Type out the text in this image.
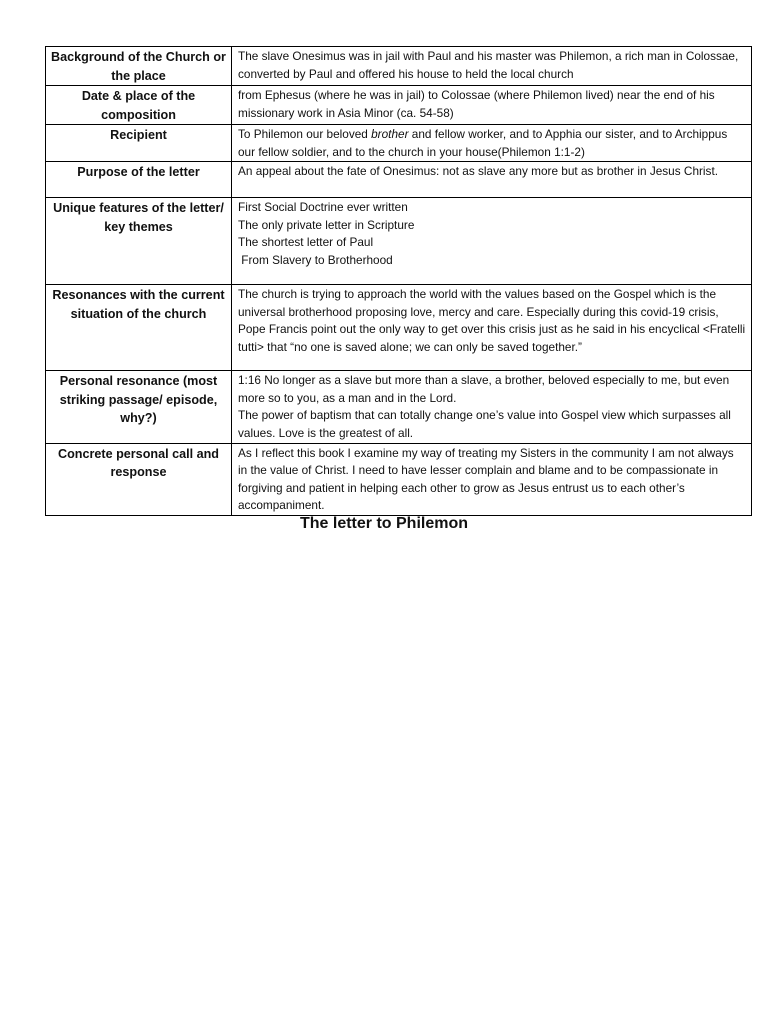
Background of the Church or the place	The slave Onesimus was in jail with Paul and his master was Philemon, a rich man in Colossae, converted by Paul and offered his house to held the local church
Date & place of the composition	from Ephesus (where he was in jail) to Colossae (where Philemon lived) near the end of his missionary work in Asia Minor (ca. 54-58)
Recipient	To Philemon our beloved brother and fellow worker, and to Apphia our sister, and to Archippus our fellow soldier, and to the church in your house(Philemon 1:1-2)
Purpose of the letter	An appeal about the fate of Onesimus: not as slave any more but as brother in Jesus Christ.
Unique features of the letter/ key themes	First Social Doctrine ever written
The only private letter in Scripture
The shortest letter of Paul
From Slavery to Brotherhood

Resonances with the current situation of the church	The church is trying to approach the world with the values based on the Gospel which is the universal brotherhood proposing love, mercy and care. Especially during this covid-19 crisis, Pope Francis point out the only way to get over this crisis just as he said in his encyclical <Fratelli tutti> that “no one is saved alone; we can only be saved together.”
Personal resonance (most striking passage/ episode, why?)	1:16 No longer as a slave but more than a slave, a brother, beloved especially to me, but even more so to you, as a man and in the Lord.
The power of baptism that can totally change one’s value into Gospel view which surpasses all values. Love is the greatest of all.

Concrete personal call and response	As I reflect this book I examine my way of treating my Sisters in the community I am not always in the value of Christ. I need to have lesser complain and blame and to be compassionate in forgiving and patient in helping each other to grow as Jesus entrust us to each other’s accompaniment.
The letter to Philemon
